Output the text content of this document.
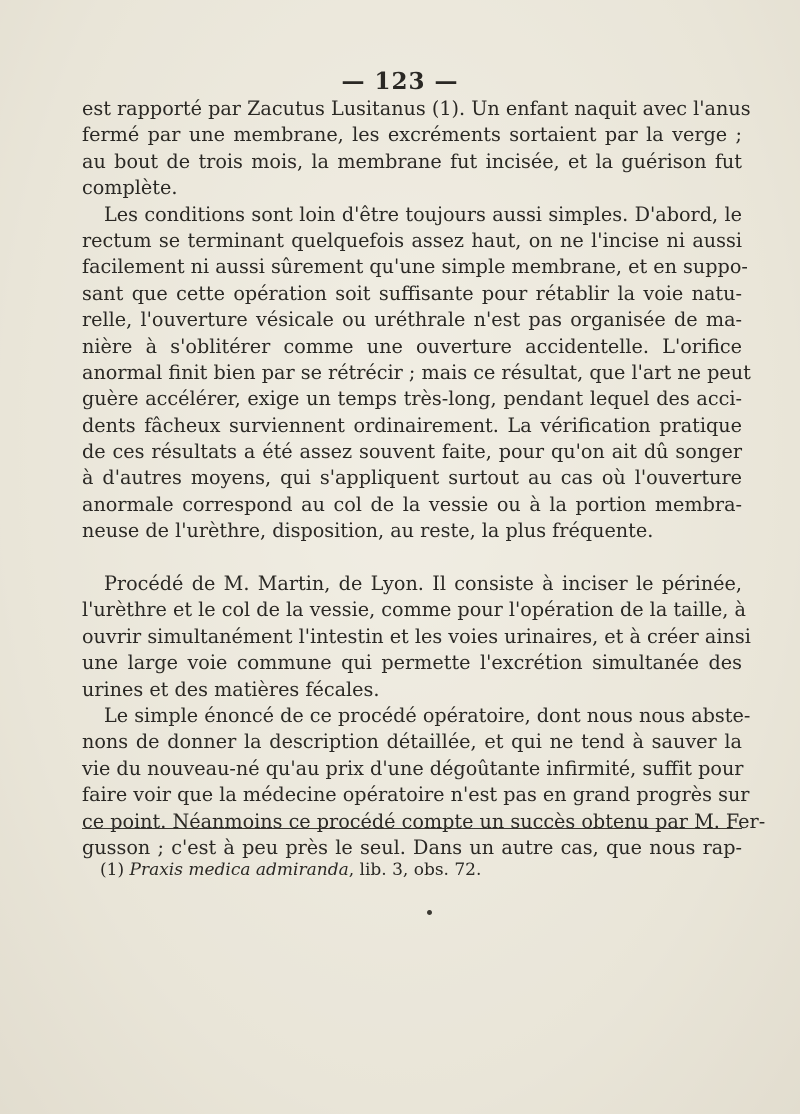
— 123 —
est rapporté par Zacutus Lusitanus (1). Un enfant naquit avec l'anus
fermé par une membrane, les excréments sortaient par la verge ;
au bout de trois mois, la membrane fut incisée, et la guérison fut
complète.
Les conditions sont loin d'être toujours aussi simples. D'abord, le
rectum se terminant quelquefois assez haut, on ne l'incise ni aussi
facilement ni aussi sûrement qu'une simple membrane, et en suppo-
sant que cette opération soit suffisante pour rétablir la voie natu-
relle, l'ouverture vésicale ou uréthrale n'est pas organisée de ma-
nière à s'oblitérer comme une ouverture accidentelle. L'orifice
anormal finit bien par se rétrécir ; mais ce résultat, que l'art ne peut
guère accélérer, exige un temps très-long, pendant lequel des acci-
dents fâcheux surviennent ordinairement. La vérification pratique
de ces résultats a été assez souvent faite, pour qu'on ait dû songer
à d'autres moyens, qui s'appliquent surtout au cas où l'ouverture
anormale correspond au col de la vessie ou à la portion membra-
neuse de l'urèthre, disposition, au reste, la plus fréquente.
Procédé de M. Martin, de Lyon. Il consiste à inciser le périnée,
l'urèthre et le col de la vessie, comme pour l'opération de la taille, à
ouvrir simultanément l'intestin et les voies urinaires, et à créer ainsi
une large voie commune qui permette l'excrétion simultanée des
urines et des matières fécales.
Le simple énoncé de ce procédé opératoire, dont nous nous abste-
nons de donner la description détaillée, et qui ne tend à sauver la
vie du nouveau-né qu'au prix d'une dégoûtante infirmité, suffit pour
faire voir que la médecine opératoire n'est pas en grand progrès sur
ce point. Néanmoins ce procédé compte un succès obtenu par M. Fer-
gusson ; c'est à peu près le seul. Dans un autre cas, que nous rap-
(1) Praxis medica admiranda, lib. 3, obs. 72.
